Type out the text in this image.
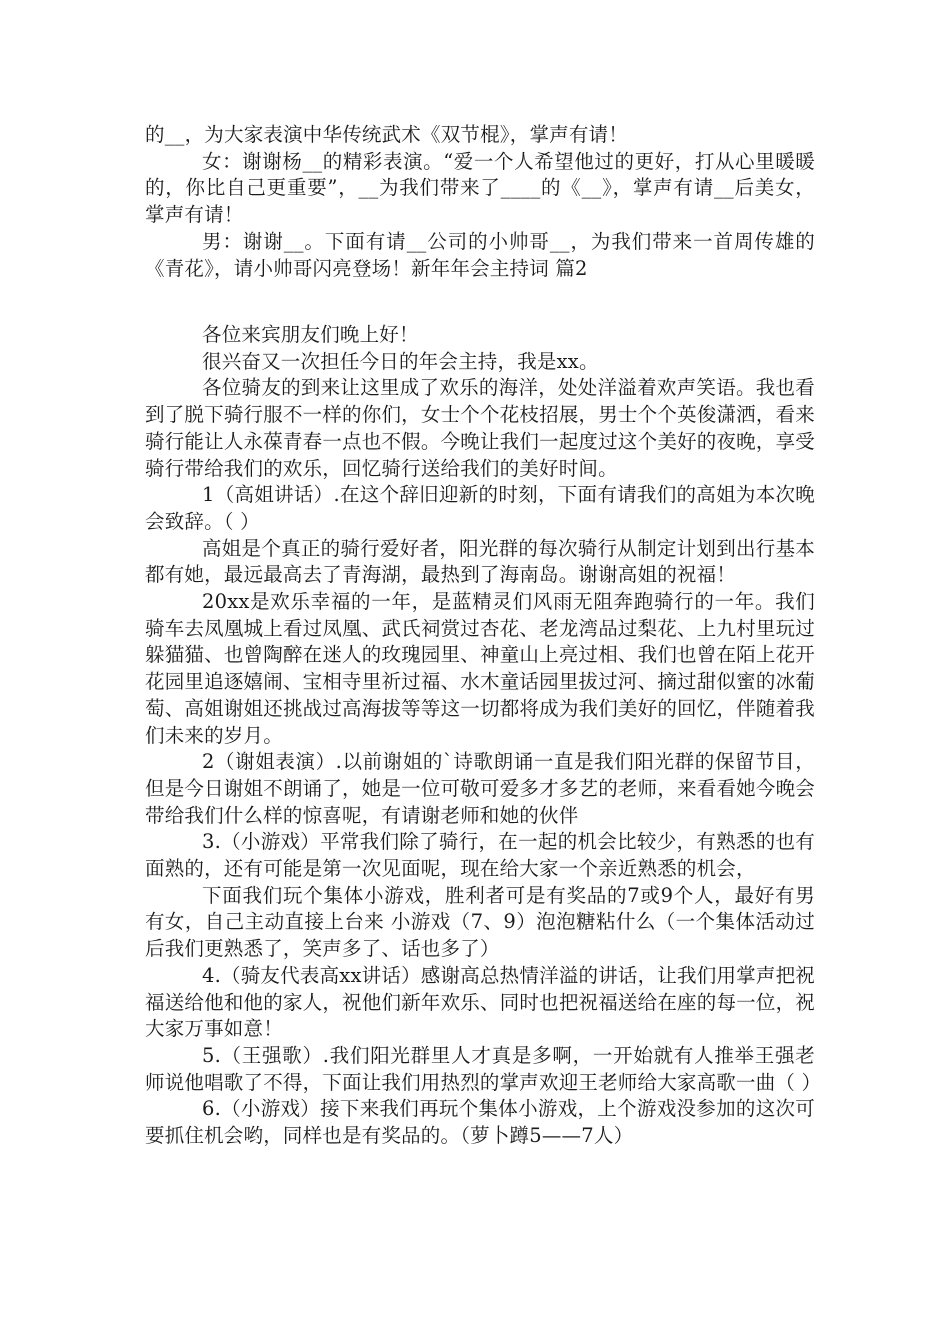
的__，为大家表演中华传统武术《双节棍》，掌声有请！

女：谢谢杨__的精彩表演。“爱一个人希望他过的更好，打从心里暖暖的，你比自己更重要”，__为我们带来了____的《__》，掌声有请__后美女，掌声有请！

男：谢谢__。下面有请__公司的小帅哥__，为我们带来一首周传雄的《青花》，请小帅哥闪亮登场！新年年会主持词 篇2

各位来宾朋友们晚上好！

很兴奋又一次担任今日的年会主持，我是xx。

各位骑友的到来让这里成了欢乐的海洋，处处洋溢着欢声笑语。我也看到了脱下骑行服不一样的你们，女士个个花枝招展，男士个个英俊潇洒，看来骑行能让人永葆青春一点也不假。今晚让我们一起度过这个美好的夜晚，享受骑行带给我们的欢乐，回忆骑行送给我们的美好时间。

1（高姐讲话）.在这个辞旧迎新的时刻，下面有请我们的高姐为本次晚会致辞。（ ）

高姐是个真正的骑行爱好者，阳光群的每次骑行从制定计划到出行基本都有她，最远最高去了青海湖，最热到了海南岛。谢谢高姐的祝福！

20xx是欢乐幸福的一年，是蓝精灵们风雨无阻奔跑骑行的一年。我们骑车去凤凰城上看过凤凰、武氏祠赏过杏花、老龙湾品过梨花、上九村里玩过躲猫猫、也曾陶醉在迷人的玫瑰园里、神童山上亮过相、我们也曾在陌上花开花园里追逐嬉闹、宝相寺里祈过福、水木童话园里拔过河、摘过甜似蜜的冰葡萄、高姐谢姐还挑战过高海拔等等这一切都将成为我们美好的回忆，伴随着我们未来的岁月。

2（谢姐表演）.以前谢姐的`诗歌朗诵一直是我们阳光群的保留节目，但是今日谢姐不朗诵了，她是一位可敬可爱多才多艺的老师，来看看她今晚会带给我们什么样的惊喜呢，有请谢老师和她的伙伴

3.（小游戏）平常我们除了骑行，在一起的机会比较少，有熟悉的也有面熟的，还有可能是第一次见面呢，现在给大家一个亲近熟悉的机会，

下面我们玩个集体小游戏，胜利者可是有奖品的7或9个人，最好有男有女，自己主动直接上台来 小游戏（7、9）泡泡糖粘什么（一个集体活动过后我们更熟悉了，笑声多了、话也多了）

4.（骑友代表高xx讲话）感谢高总热情洋溢的讲话，让我们用掌声把祝福送给他和他的家人，祝他们新年欢乐、同时也把祝福送给在座的每一位，祝大家万事如意！

5.（王强歌）.我们阳光群里人才真是多啊，一开始就有人推举王强老师说他唱歌了不得，下面让我们用热烈的掌声欢迎王老师给大家高歌一曲（ ）

6.（小游戏）接下来我们再玩个集体小游戏，上个游戏没参加的这次可要抓住机会哟，同样也是有奖品的。（萝卜蹲5——7人）
